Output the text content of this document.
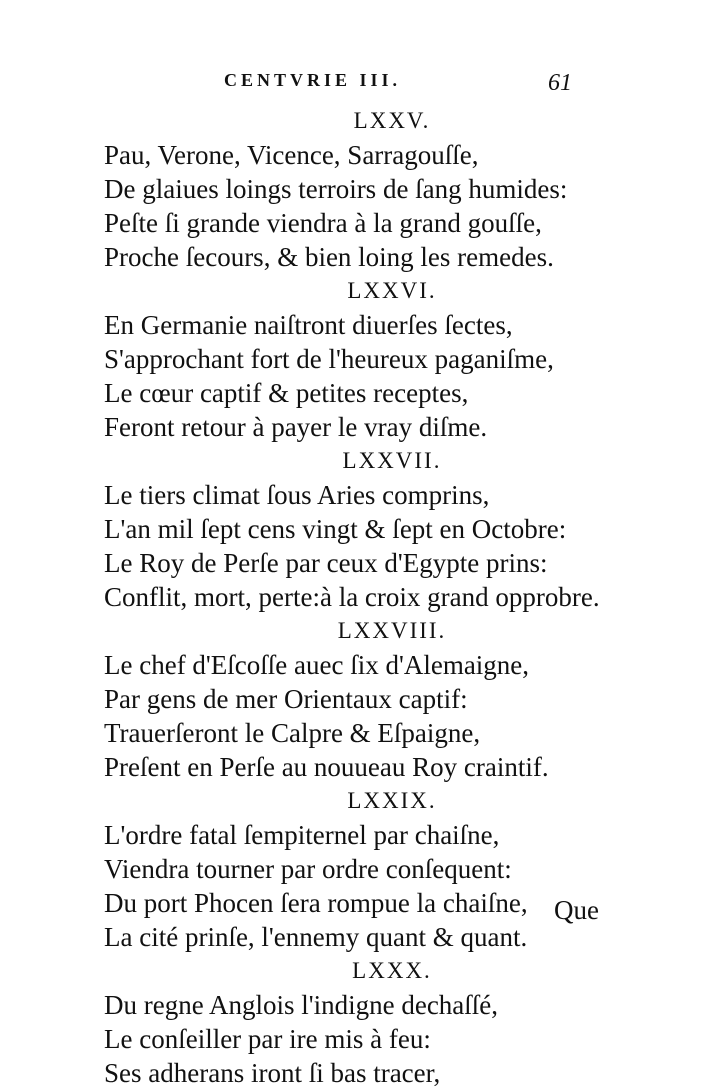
CENTVRIE III.	61
LXXV.
Pau, Verone, Vicence, Sarragouſſe,
De glaiues loings terroirs de ſang humides:
Peſte ſi grande viendra à la grand gouſſe,
Proche ſecours, & bien loing les remedes.
LXXVI.
En Germanie naiſtront diuerſes ſectes,
S'approchant fort de l'heureux paganiſme,
Le cœur captif & petites receptes,
Feront retour à payer le vray diſme.
LXXVII.
Le tiers climat ſous Aries comprins,
L'an mil ſept cens vingt & ſept en Octobre:
Le Roy de Perſe par ceux d'Egypte prins:
Conflit, mort, perte:à la croix grand opprobre.
LXXVIII.
Le chef d'Eſcoſſe auec ſix d'Alemaigne,
Par gens de mer Orientaux captif:
Trauerſeront le Calpre & Eſpaigne,
Preſent en Perſe au nouueau Roy craintif.
LXXIX.
L'ordre fatal ſempiternel par chaiſne,
Viendra tourner par ordre conſequent:
Du port Phocen ſera rompue la chaiſne,
La cité prinſe, l'ennemy quant & quant.
LXXX.
Du regne Anglois l'indigne dechaſſé,
Le conſeiller par ire mis à feu:
Ses adherans iront ſi bas tracer,
Que
